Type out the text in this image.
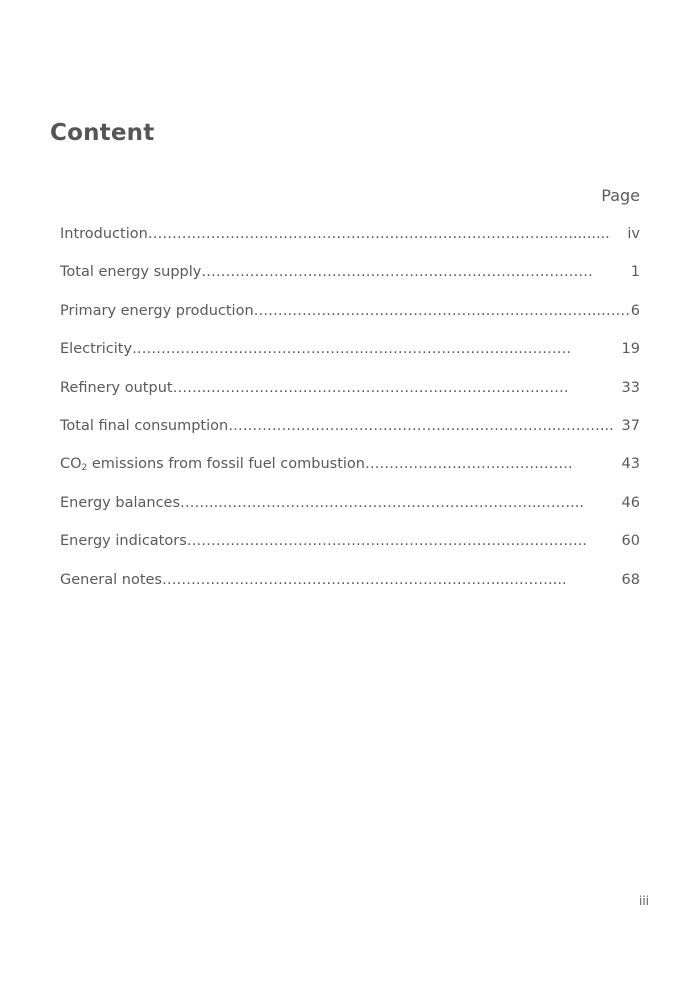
Content
Page
Introduction……………………………………………………………………………......... iv
Total energy supply………………………………………………………………………	1
Primary energy production……………………………………………………….……..…… 6
Electricity……………………………………………………………………...……….	19
Refinery output…….…………………………………………………………………	33
Total final consumption…………………………………………………………..………... 37
$CO_2$ emissions from fossil fuel combustion…………………………………….	43
Energy balances……....………………………………………………………..……...	46
Energy indicators……………………………………………………………..………... 60
General notes……………………………………………………………...………...	68
iii
